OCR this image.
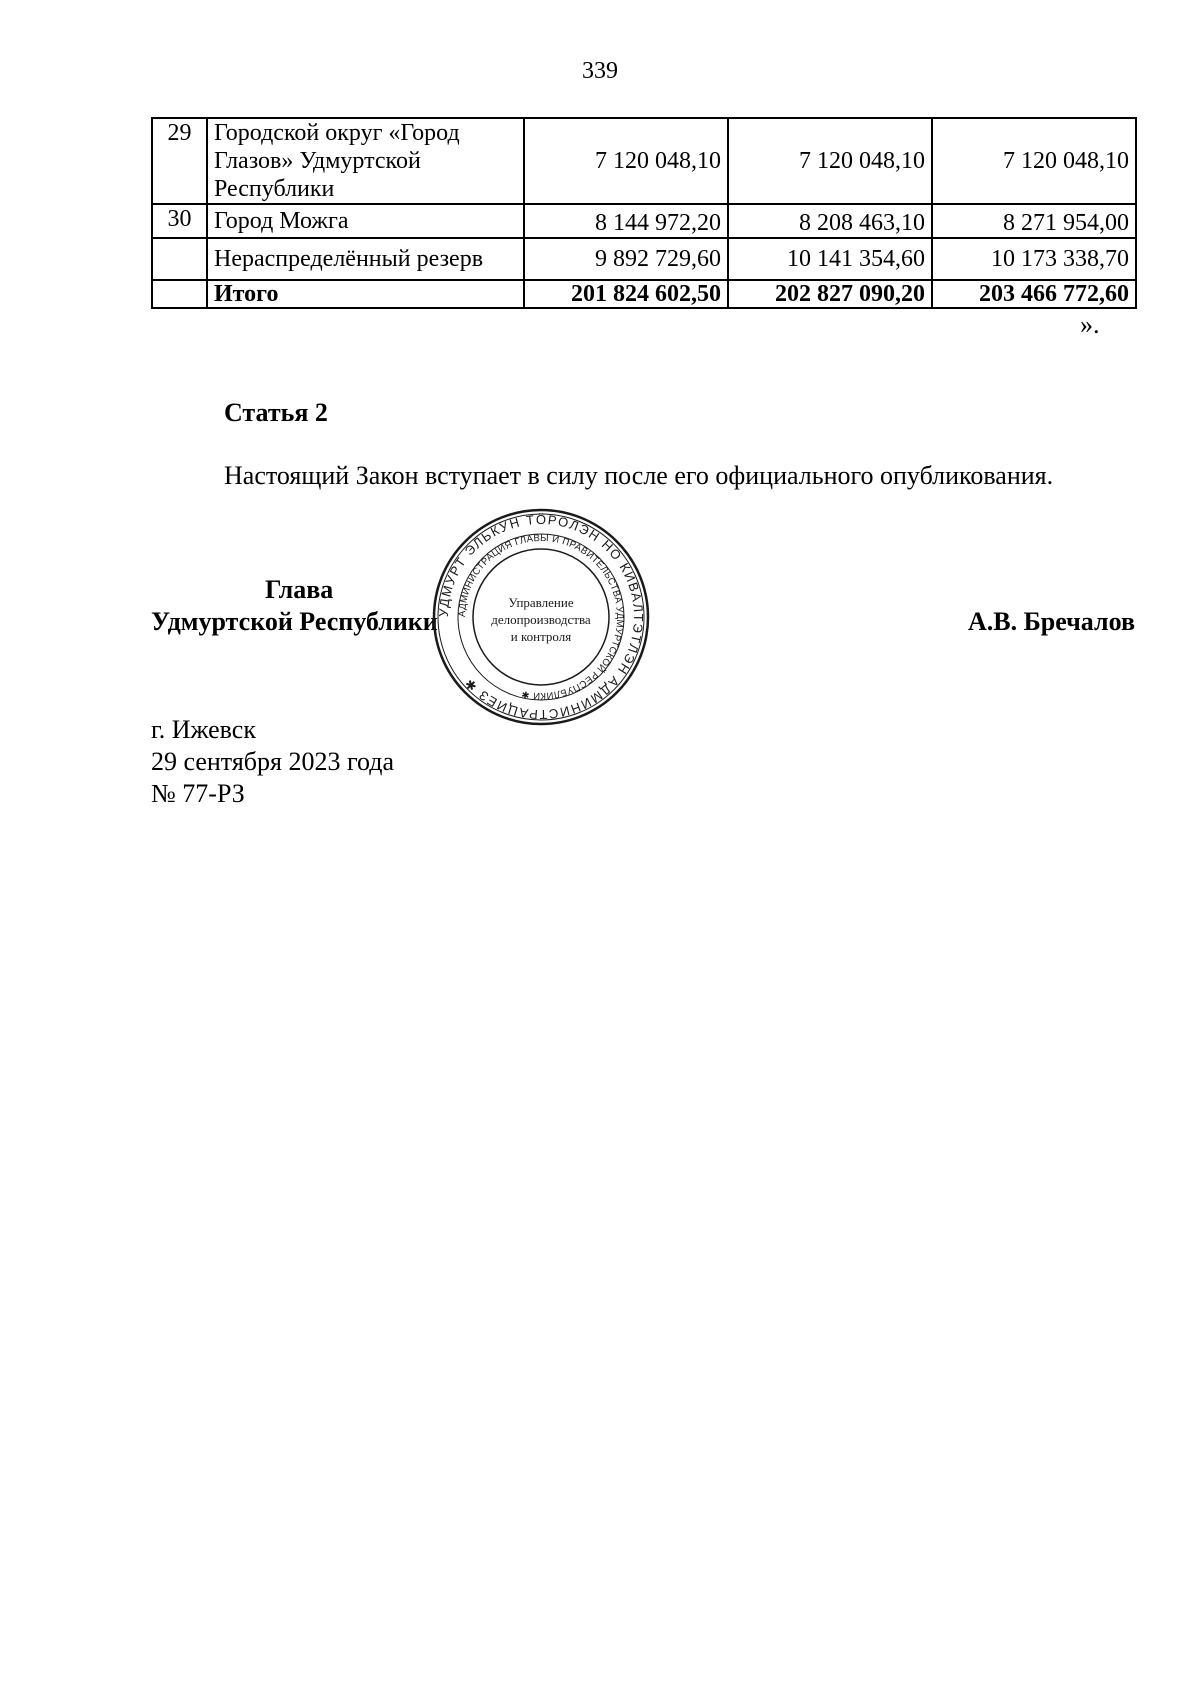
339
29	Городской округ «Город Глазов» Удмуртской Республики	7 120 048,10	7 120 048,10	7 120 048,10
30	Город Можга	8 144 972,20	8 208 463,10	8 271 954,00
	Нераспределённый резерв	9 892 729,60	10 141 354,60	10 173 338,70
	Итого	201 824 602,50	202 827 090,20	203 466 772,60
».
Статья 2
Настоящий Закон вступает в силу после его официального опубликования.
Глава
Удмуртской Республики	А.В. Бречалов
УДМУРТ ЭЛЬКУН ТÖРОЛЭН НО КИВАЛТЭТЛЭН АДМИНИСТРАЦИЕЗ ✱
АДМИНИСТРАЦИЯ ГЛАВЫ И ПРАВИТЕЛЬСТВА УДМУРТСКОЙ РЕСПУБЛИКИ ✱
Управление
делопроизводства
и контроля
г. Ижевск
29 сентября 2023 года
№ 77-РЗ
